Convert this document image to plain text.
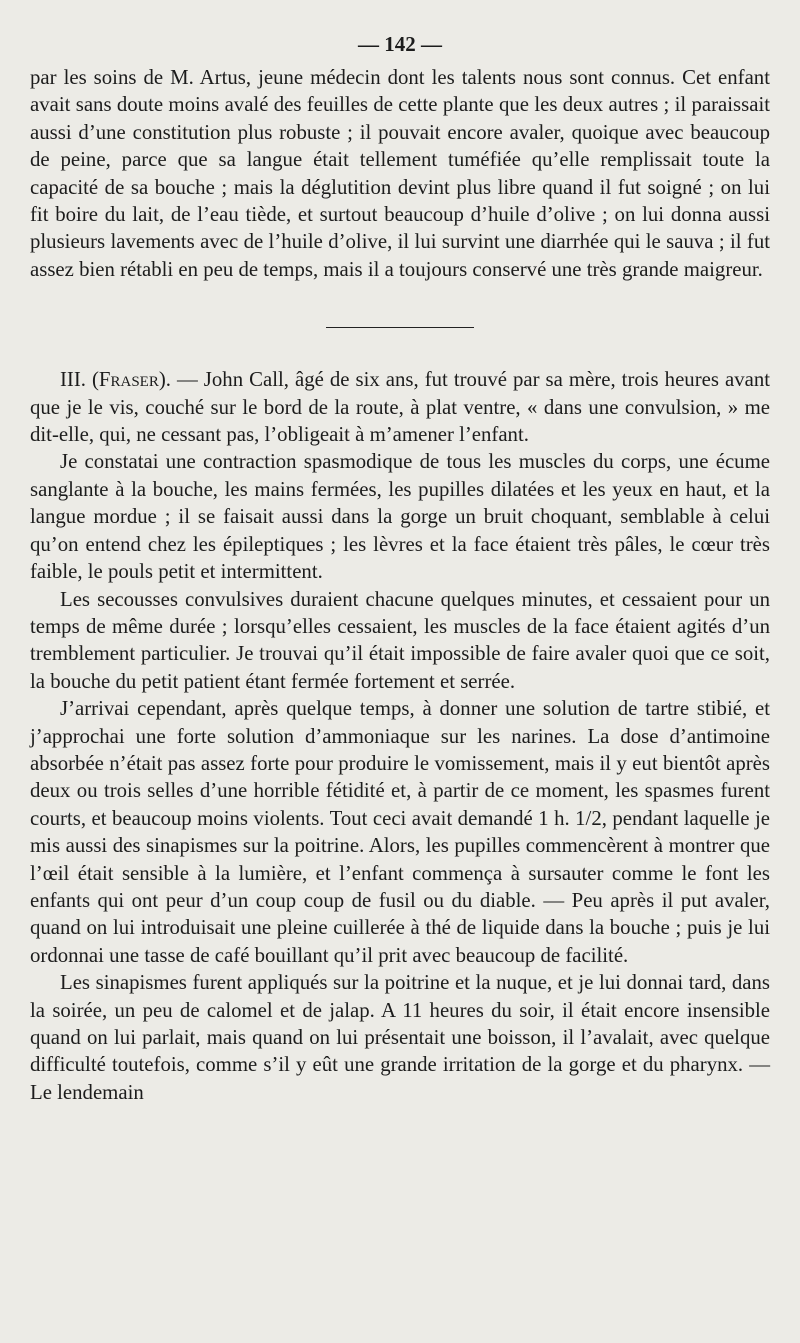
— 142 —

par les soins de M. Artus, jeune médecin dont les talents nous sont connus. Cet enfant avait sans doute moins avalé des feuilles de cette plante que les deux autres ; il paraissait aussi d’une constitution plus robuste ; il pouvait encore avaler, quoique avec beaucoup de peine, parce que sa langue était tellement tuméfiée qu’elle remplissait toute la capacité de sa bouche ; mais la déglutition devint plus libre quand il fut soigné ; on lui fit boire du lait, de l’eau tiède, et surtout beaucoup d’huile d’olive ; on lui donna aussi plusieurs lavements avec de l’huile d’olive, il lui survint une diarrhée qui le sauva ; il fut assez bien rétabli en peu de temps, mais il a toujours conservé une très grande maigreur.

III. (Fraser). — John Call, âgé de six ans, fut trouvé par sa mère, trois heures avant que je le vis, couché sur le bord de la route, à plat ventre, « dans une convulsion, » me dit-elle, qui, ne cessant pas, l’obligeait à m’amener l’enfant.

Je constatai une contraction spasmodique de tous les muscles du corps, une écume sanglante à la bouche, les mains fermées, les pupilles dilatées et les yeux en haut, et la langue mordue ; il se faisait aussi dans la gorge un bruit choquant, semblable à celui qu’on entend chez les épileptiques ; les lèvres et la face étaient très pâles, le cœur très faible, le pouls petit et intermittent.

Les secousses convulsives duraient chacune quelques minutes, et cessaient pour un temps de même durée ; lorsqu’elles cessaient, les muscles de la face étaient agités d’un tremblement particulier. Je trouvai qu’il était impossible de faire avaler quoi que ce soit, la bouche du petit patient étant fermée fortement et serrée.

J’arrivai cependant, après quelque temps, à donner une solution de tartre stibié, et j’approchai une forte solution d’ammoniaque sur les narines. La dose d’antimoine absorbée n’était pas assez forte pour produire le vomissement, mais il y eut bientôt après deux ou trois selles d’une horrible fétidité et, à partir de ce moment, les spasmes furent courts, et beaucoup moins violents. Tout ceci avait demandé 1 h. 1/2, pendant laquelle je mis aussi des sinapismes sur la poitrine. Alors, les pupilles commencèrent à montrer que l’œil était sensible à la lumière, et l’enfant commença à sursauter comme le font les enfants qui ont peur d’un coup coup de fusil ou du diable. — Peu après il put avaler, quand on lui introduisait une pleine cuillerée à thé de liquide dans la bouche ; puis je lui ordonnai une tasse de café bouillant qu’il prit avec beaucoup de facilité.

Les sinapismes furent appliqués sur la poitrine et la nuque, et je lui donnai tard, dans la soirée, un peu de calomel et de jalap. A 11 heures du soir, il était encore insensible quand on lui parlait, mais quand on lui présentait une boisson, il l’avalait, avec quelque difficulté toutefois, comme s’il y eût une grande irritation de la gorge et du pharynx. — Le lendemain
